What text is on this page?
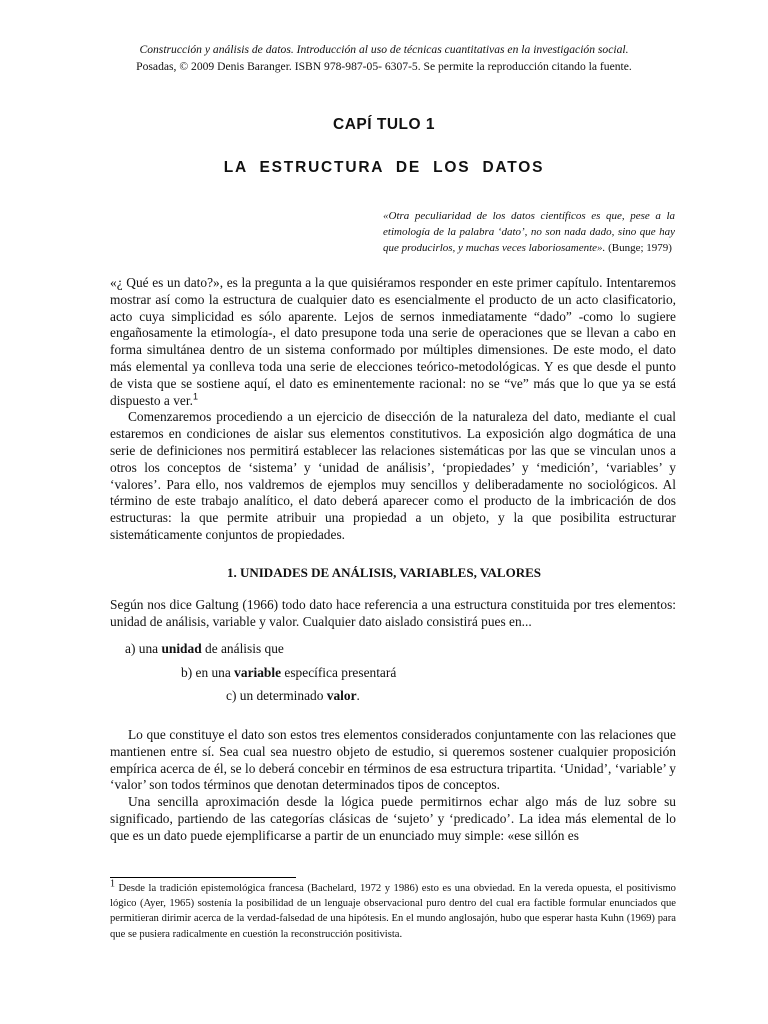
Construcción y análisis de datos. Introducción al uso de técnicas cuantitativas en la investigación social.
Posadas, © 2009 Denis Baranger. ISBN 978-987-05- 6307-5. Se permite la reproducción citando la fuente.
CAPÍ TULO 1
LA ESTRUCTURA DE LOS DATOS
«Otra peculiaridad de los datos científicos es que, pese a la etimología de la palabra ‘dato’, no son nada dado, sino que hay que producirlos, y muchas veces laboriosamente». (Bunge; 1979)

«¿ Qué es un dato?», es la pregunta a la que quisiéramos responder en este primer capítulo. Intentaremos mostrar así como la estructura de cualquier dato es esencialmente el producto de un acto clasificatorio, acto cuya simplicidad es sólo aparente. Lejos de sernos inmediatamente “dado” -como lo sugiere engañosamente la etimología-, el dato presupone toda una serie de operaciones que se llevan a cabo en forma simultánea dentro de un sistema conformado por múltiples dimensiones. De este modo, el dato más elemental ya conlleva toda una serie de elecciones teórico-metodológicas. Y es que desde el punto de vista que se sostiene aquí, el dato es eminentemente racional: no se “ve” más que lo que ya se está dispuesto a ver.$^1$

Comenzaremos procediendo a un ejercicio de disección de la naturaleza del dato, mediante el cual estaremos en condiciones de aislar sus elementos constitutivos. La exposición algo dogmática de una serie de definiciones nos permitirá establecer las relaciones sistemáticas por las que se vinculan unos a otros los conceptos de ‘sistema’ y ‘unidad de análisis’, ‘propiedades’ y ‘medición’, ‘variables’ y ‘valores’. Para ello, nos valdremos de ejemplos muy sencillos y deliberadamente no sociológicos. Al término de este trabajo analítico, el dato deberá aparecer como el producto de la imbricación de dos estructuras: la que permite atribuir una propiedad a un objeto, y la que posibilita estructurar sistemáticamente conjuntos de propiedades.

1. UNIDADES DE ANÁLISIS, VARIABLES, VALORES

Según nos dice Galtung (1966) todo dato hace referencia a una estructura constituida por tres elementos: unidad de análisis, variable y valor. Cualquier dato aislado consistirá pues en...

a) una unidad de análisis que
b) en una variable específica presentará
c) un determinado valor.

Lo que constituye el dato son estos tres elementos considerados conjuntamente con las relaciones que mantienen entre sí. Sea cual sea nuestro objeto de estudio, si queremos sostener cualquier proposición empírica acerca de él, se lo deberá concebir en términos de esa estructura tripartita. ‘Unidad’, ‘variable’ y ‘valor’ son todos términos que denotan determinados tipos de conceptos.

Una sencilla aproximación desde la lógica puede permitirnos echar algo más de luz sobre su significado, partiendo de las categorías clásicas de ‘sujeto’ y ‘predicado’. La idea más elemental de lo que es un dato puede ejemplificarse a partir de un enunciado muy simple: «ese sillón es

1 Desde la tradición epistemológica francesa (Bachelard, 1972 y 1986) esto es una obviedad. En la vereda opuesta, el positivismo lógico (Ayer, 1965) sostenía la posibilidad de un lenguaje observacional puro dentro del cual era factible formular enunciados que permitieran dirimir acerca de la verdad-falsedad de una hipótesis. En el mundo anglosajón, hubo que esperar hasta Kuhn (1969) para que se pusiera radicalmente en cuestión la reconstrucción positivista.
